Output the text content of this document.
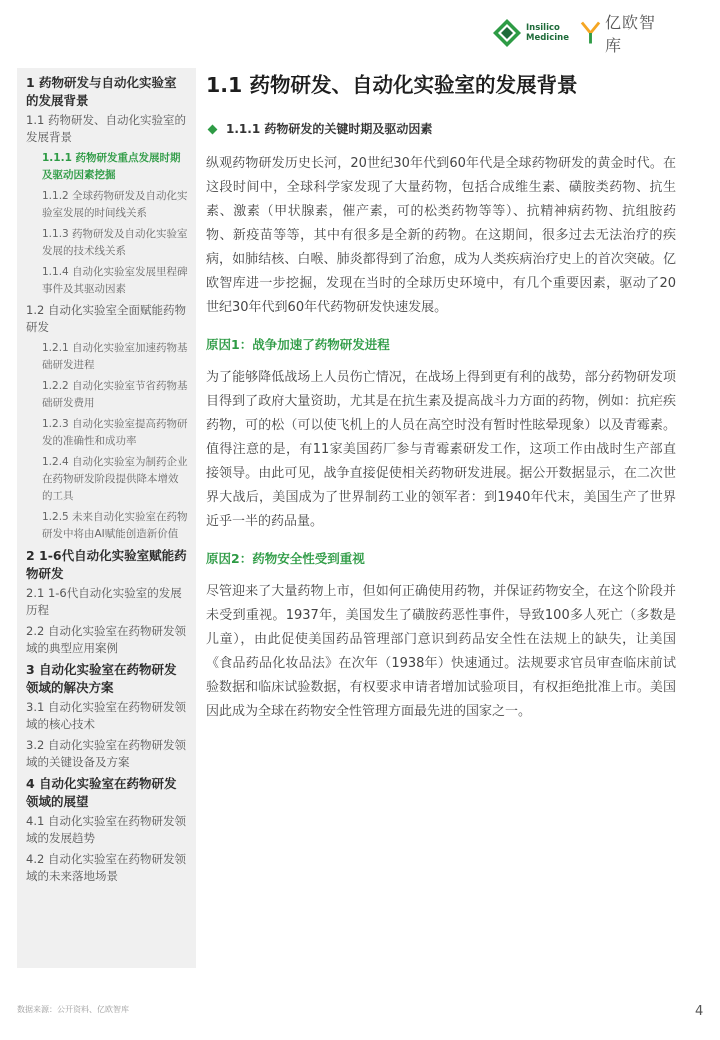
Insilico
Medicine
亿欧智库
1 药物研发与自动化实验室的发展背景
1.1 药物研发、自动化实验室的发展背景
1.1.1 药物研发重点发展时期及驱动因素挖掘
1.1.2 全球药物研发及自动化实验室发展的时间线关系
1.1.3 药物研发及自动化实验室发展的技术线关系
1.1.4 自动化实验室发展里程碑事件及其驱动因素
1.2 自动化实验室全面赋能药物研发
1.2.1 自动化实验室加速药物基础研发进程
1.2.2 自动化实验室节省药物基础研发费用
1.2.3 自动化实验室提高药物研发的准确性和成功率
1.2.4 自动化实验室为制药企业在药物研发阶段提供降本增效的工具
1.2.5 未来自动化实验室在药物研发中将由AI赋能创造新价值
2 1-6代自动化实验室赋能药物研发
2.1 1-6代自动化实验室的发展历程
2.2 自动化实验室在药物研发领域的典型应用案例
3 自动化实验室在药物研发领域的解决方案
3.1 自动化实验室在药物研发领域的核心技术
3.2 自动化实验室在药物研发领域的关键设备及方案
4 自动化实验室在药物研发领域的展望
4.1 自动化实验室在药物研发领域的发展趋势
4.2 自动化实验室在药物研发领域的未来落地场景
1.1 药物研发、自动化实验室的发展背景
1.1.1 药物研发的关键时期及驱动因素

纵观药物研发历史长河，20世纪30年代到60年代是全球药物研发的黄金时代。在这段时间中，全球科学家发现了大量药物，包括合成维生素、磺胺类药物、抗生素、激素（甲状腺素，催产素，可的松类药物等等）、抗精神病药物、抗组胺药物、新疫苗等等，其中有很多是全新的药物。在这期间，很多过去无法治疗的疾病，如肺结核、白喉、肺炎都得到了治愈，成为人类疾病治疗史上的首次突破。亿欧智库进一步挖掘，发现在当时的全球历史环境中，有几个重要因素，驱动了20世纪30年代到60年代药物研发快速发展。

原因1：战争加速了药物研发进程

为了能够降低战场上人员伤亡情况，在战场上得到更有利的战势，部分药物研发项目得到了政府大量资助，尤其是在抗生素及提高战斗力方面的药物，例如：抗疟疾药物，可的松（可以使飞机上的人员在高空时没有暂时性眩晕现象）以及青霉素。值得注意的是，有11家美国药厂参与青霉素研发工作，这项工作由战时生产部直接领导。由此可见，战争直接促使相关药物研发进展。据公开数据显示，在二次世界大战后，美国成为了世界制药工业的领军者：到1940年代末，美国生产了世界近乎一半的药品量。

原因2：药物安全性受到重视

尽管迎来了大量药物上市，但如何正确使用药物，并保证药物安全，在这个阶段并未受到重视。1937年，美国发生了磺胺药恶性事件，导致100多人死亡（多数是儿童），由此促使美国药品管理部门意识到药品安全性在法规上的缺失，让美国《食品药品化妆品法》在次年（1938年）快速通过。法规要求官员审查临床前试验数据和临床试验数据，有权要求申请者增加试验项目，有权拒绝批准上市。美国因此成为全球在药物安全性管理方面最先进的国家之一。

数据来源：公开资料、亿欧智库	4
